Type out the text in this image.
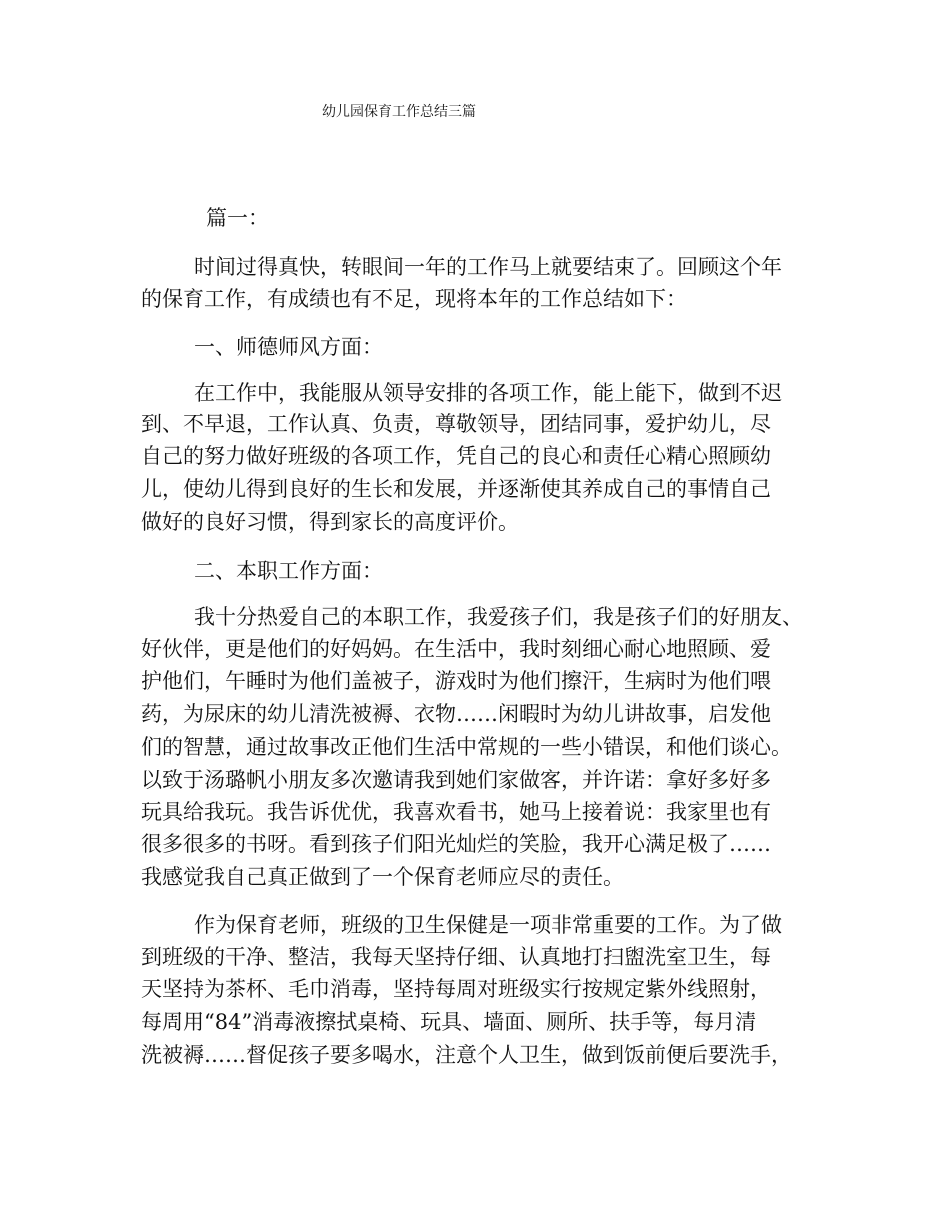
幼儿园保育工作总结三篇
篇一：
时间过得真快，转眼间一年的工作马上就要结束了。回顾这个年
的保育工作，有成绩也有不足，现将本年的工作总结如下：
一、师德师风方面：
在工作中，我能服从领导安排的各项工作，能上能下，做到不迟
到、不早退，工作认真、负责，尊敬领导，团结同事，爱护幼儿，尽
自己的努力做好班级的各项工作，凭自己的良心和责任心精心照顾幼
儿，使幼儿得到良好的生长和发展，并逐渐使其养成自己的事情自己
做好的良好习惯，得到家长的高度评价。
二、本职工作方面：
我十分热爱自己的本职工作，我爱孩子们，我是孩子们的好朋友、
好伙伴，更是他们的好妈妈。在生活中，我时刻细心耐心地照顾、爱
护他们，午睡时为他们盖被子，游戏时为他们擦汗，生病时为他们喂
药，为尿床的幼儿清洗被褥、衣物……闲暇时为幼儿讲故事，启发他
们的智慧，通过故事改正他们生活中常规的一些小错误，和他们谈心。
以致于汤璐帆小朋友多次邀请我到她们家做客，并许诺：拿好多好多
玩具给我玩。我告诉优优，我喜欢看书，她马上接着说：我家里也有
很多很多的书呀。看到孩子们阳光灿烂的笑脸，我开心满足极了……
我感觉我自己真正做到了一个保育老师应尽的责任。
作为保育老师，班级的卫生保健是一项非常重要的工作。为了做
到班级的干净、整洁，我每天坚持仔细、认真地打扫盥洗室卫生，每
天坚持为茶杯、毛巾消毒，坚持每周对班级实行按规定紫外线照射，
每周用“84”消毒液擦拭桌椅、玩具、墙面、厕所、扶手等，每月清
洗被褥……督促孩子要多喝水，注意个人卫生，做到饭前便后要洗手，
